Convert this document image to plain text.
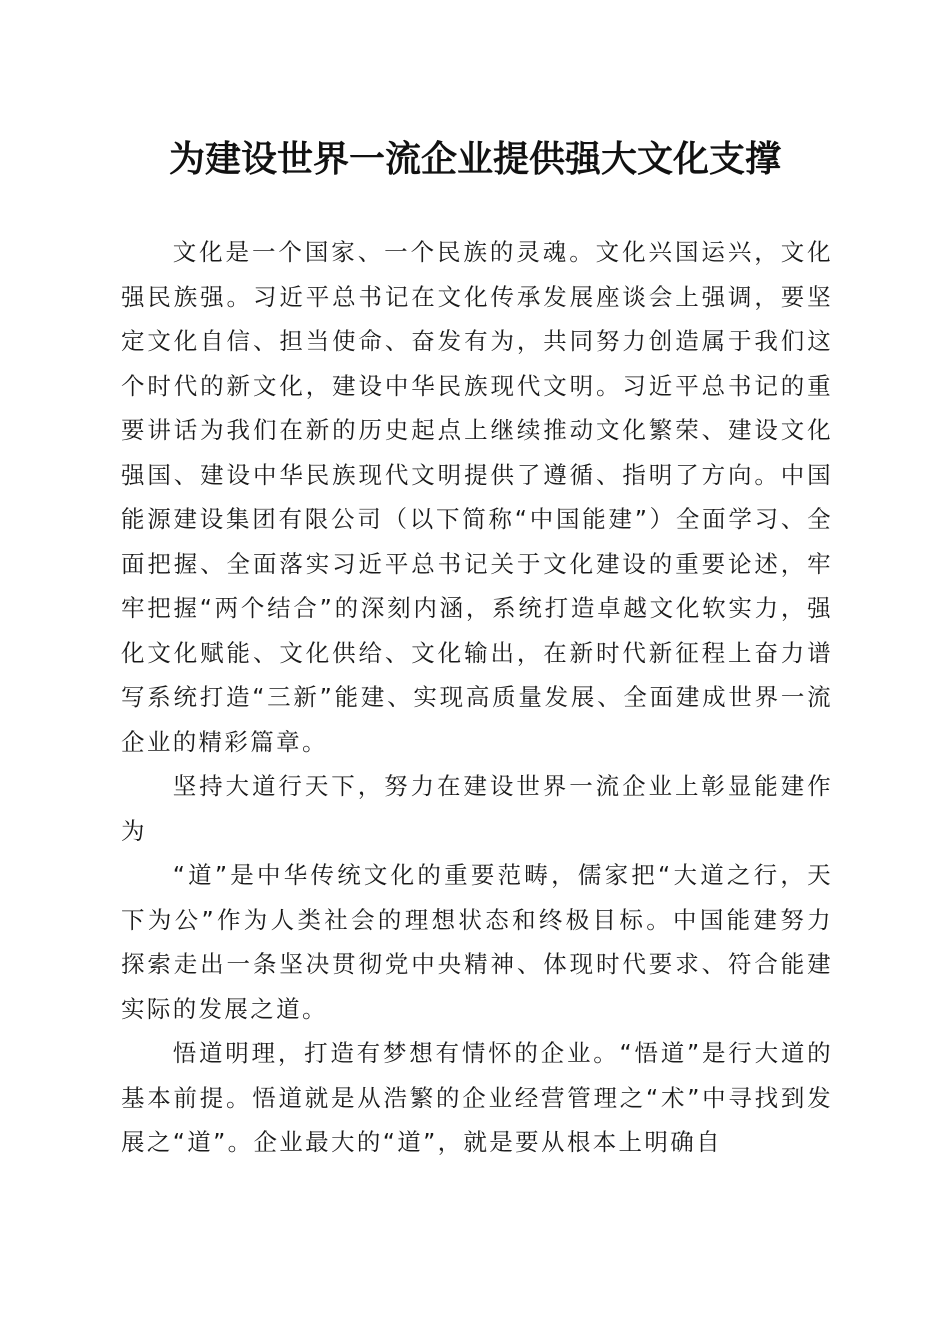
为建设世界一流企业提供强大文化支撑

文化是一个国家、一个民族的灵魂。文化兴国运兴，文化强民族强。习近平总书记在文化传承发展座谈会上强调，要坚定文化自信、担当使命、奋发有为，共同努力创造属于我们这个时代的新文化，建设中华民族现代文明。习近平总书记的重要讲话为我们在新的历史起点上继续推动文化繁荣、建设文化强国、建设中华民族现代文明提供了遵循、指明了方向。中国能源建设集团有限公司（以下简称“中国能建”）全面学习、全面把握、全面落实习近平总书记关于文化建设的重要论述，牢牢把握“两个结合”的深刻内涵，系统打造卓越文化软实力，强化文化赋能、文化供给、文化输出，在新时代新征程上奋力谱写系统打造“三新”能建、实现高质量发展、全面建成世界一流企业的精彩篇章。

坚持大道行天下，努力在建设世界一流企业上彰显能建作为

“道”是中华传统文化的重要范畴，儒家把“大道之行，天下为公”作为人类社会的理想状态和终极目标。中国能建努力探索走出一条坚决贯彻党中央精神、体现时代要求、符合能建实际的发展之道。

悟道明理，打造有梦想有情怀的企业。“悟道”是行大道的基本前提。悟道就是从浩繁的企业经营管理之“术”中寻找到发展之“道”。企业最大的“道”，就是要从根本上明确自
